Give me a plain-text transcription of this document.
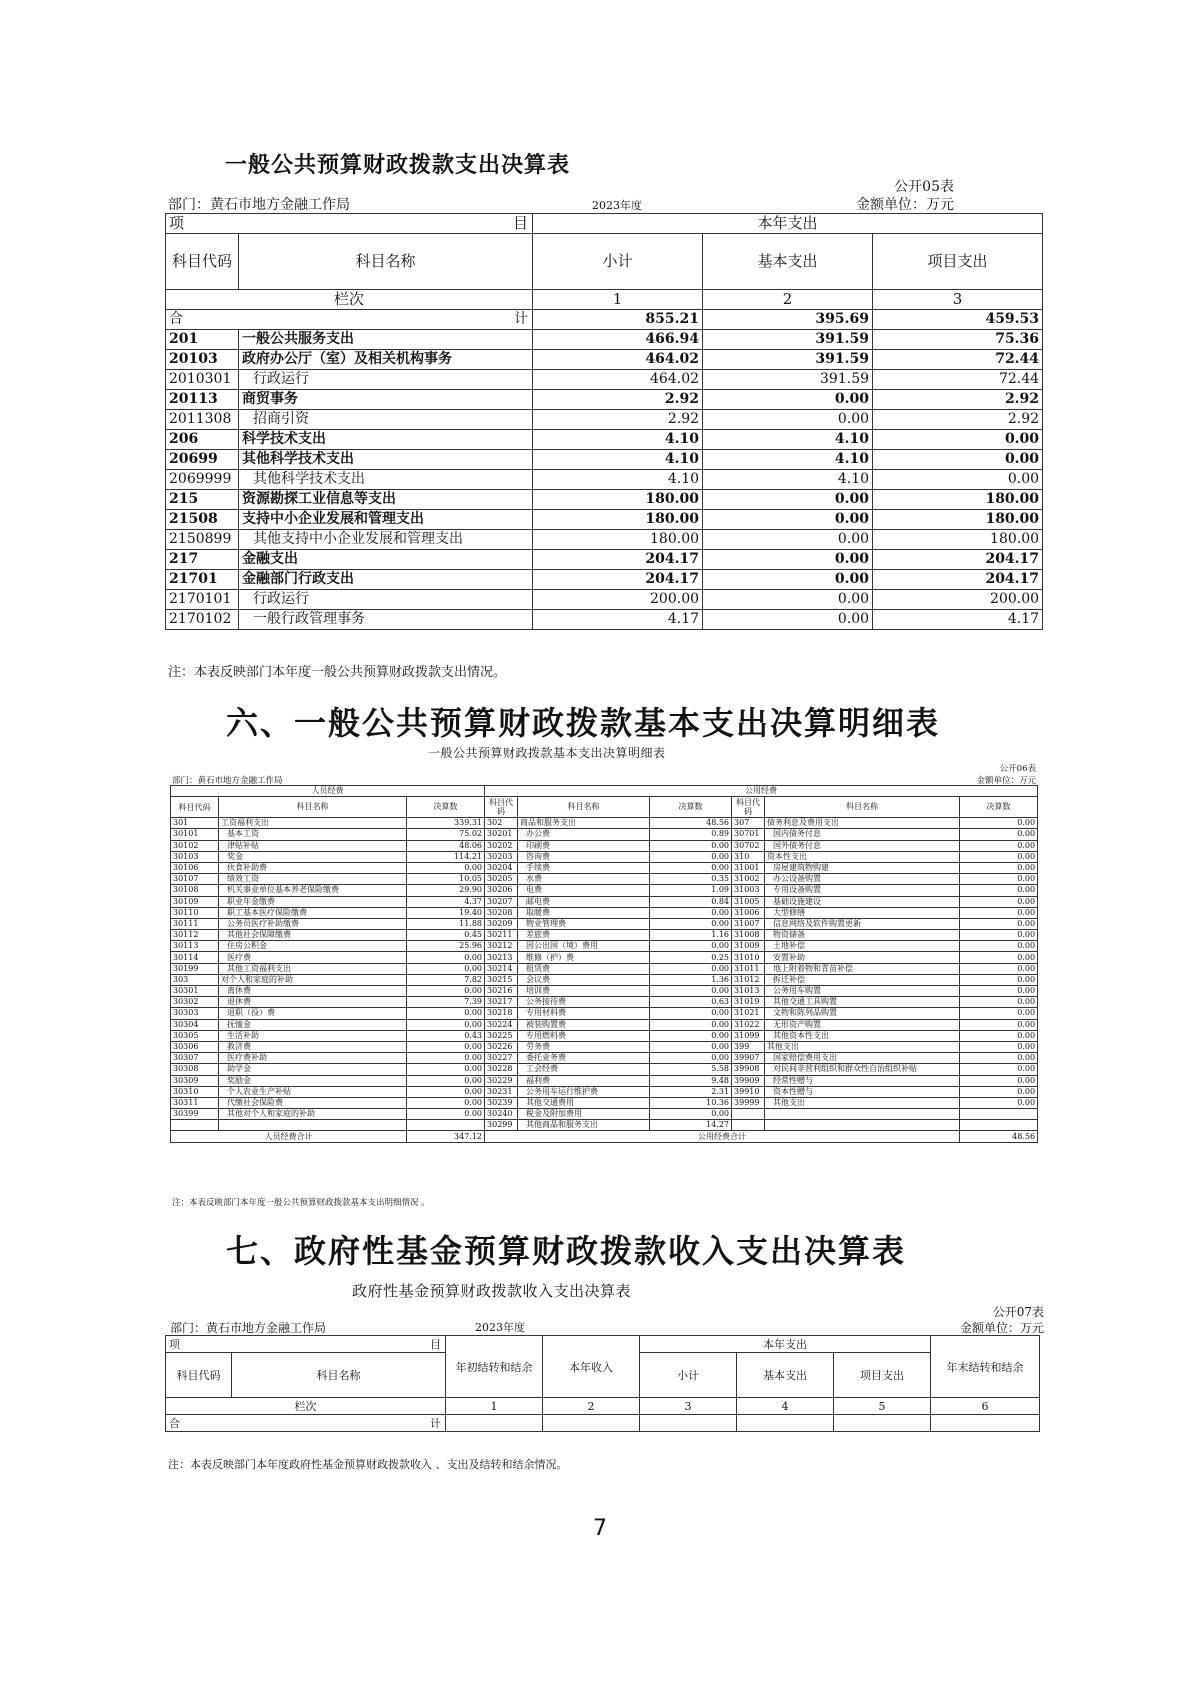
一般公共预算财政拨款支出决算表
公开05表
部门：黄石市地方金融工作局	2023年度	金额单位：万元
项 目		本年支出		
科目代码	科目名称	小计	基本支出	项目支出
栏次		1	2	3
合 计		855.21	395.69	459.53
201	一般公共服务支出	466.94	391.59	75.36
20103	政府办公厅（室）及相关机构事务	464.02	391.59	72.44
2010301	行政运行	464.02	391.59	72.44
20113	商贸事务	2.92	0.00	2.92
2011308	招商引资	2.92	0.00	2.92
206	科学技术支出	4.10	4.10	0.00
20699	其他科学技术支出	4.10	4.10	0.00
2069999	其他科学技术支出	4.10	4.10	0.00
215	资源勘探工业信息等支出	180.00	0.00	180.00
21508	支持中小企业发展和管理支出	180.00	0.00	180.00
2150899	其他支持中小企业发展和管理支出	180.00	0.00	180.00
217	金融支出	204.17	0.00	204.17
21701	金融部门行政支出	204.17	0.00	204.17
2170101	行政运行	200.00	0.00	200.00
2170102	一般行政管理事务	4.17	0.00	4.17
注：本表反映部门本年度一般公共预算财政拨款支出情况。
六、一般公共预算财政拨款基本支出决算明细表
一般公共预算财政拨款基本支出决算明细表
公开06表
部门：黄石市地方金融工作局	金额单位：万元
人员经费			公用经费					
科目代码	科目名称	决算数	科目代码	科目名称	决算数	科目代码	科目名称	决算数
301	工资福利支出	339.31	302	商品和服务支出	48.56	307	债务利息及费用支出	0.00
30101	基本工资	75.02	30201	办公费	0.89	30701	国内债务付息	0.00
30102	津贴补贴	48.06	30202	印刷费	0.00	30702	国外债务付息	0.00
30103	奖金	114.21	30203	咨询费	0.00	310	资本性支出	0.00
30106	伙食补助费	0.00	30204	手续费	0.00	31001	房屋建筑物购建	0.00
30107	绩效工资	10.05	30205	水费	0.35	31002	办公设备购置	0.00
30108	机关事业单位基本养老保险缴费	29.90	30206	电费	1.09	31003	专用设备购置	0.00
30109	职业年金缴费	4.37	30207	邮电费	0.84	31005	基础设施建设	0.00
30110	职工基本医疗保险缴费	19.40	30208	取暖费	0.00	31006	大型修缮	0.00
30111	公务员医疗补助缴费	11.88	30209	物业管理费	0.00	31007	信息网络及软件购置更新	0.00
30112	其他社会保障缴费	0.45	30211	差旅费	1.16	31008	物资储备	0.00
30113	住房公积金	25.96	30212	因公出国（境）费用	0.00	31009	土地补偿	0.00
30114	医疗费	0.00	30213	维修（护）费	0.25	31010	安置补助	0.00
30199	其他工资福利支出	0.00	30214	租赁费	0.00	31011	地上附着物和青苗补偿	0.00
303	对个人和家庭的补助	7.82	30215	会议费	1.36	31012	拆迁补偿	0.00
30301	离休费	0.00	30216	培训费	0.00	31013	公务用车购置	0.00
30302	退休费	7.39	30217	公务接待费	0.63	31019	其他交通工具购置	0.00
30303	退职（役）费	0.00	30218	专用材料费	0.00	31021	文物和陈列品购置	0.00
30304	抚恤金	0.00	30224	被装购置费	0.00	31022	无形资产购置	0.00
30305	生活补助	0.43	30225	专用燃料费	0.00	31099	其他资本性支出	0.00
30306	救济费	0.00	30226	劳务费	0.00	399	其他支出	0.00
30307	医疗费补助	0.00	30227	委托业务费	0.00	39907	国家赔偿费用支出	0.00
30308	助学金	0.00	30228	工会经费	5.58	39908	对民间非营利组织和群众性自治组织补贴	0.00
30309	奖励金	0.00	30229	福利费	9.48	39909	经常性赠与	0.00
30310	个人农业生产补贴	0.00	30231	公务用车运行维护费	2.31	39910	资本性赠与	0.00
30311	代缴社会保险费	0.00	30239	其他交通费用	10.36	39999	其他支出	0.00
30399	其他对个人和家庭的补助	0.00	30240	税金及附加费用	0.00			
			30299	其他商品和服务支出	14.27			
人员经费合计		347.12	公用经费合计					48.56
注：本表反映部门本年度一般公共预算财政拨款基本支出明细情况 。
七、政府性基金预算财政拨款收入支出决算表
政府性基金预算财政拨款收入支出决算表
公开07表
部门：黄石市地方金融工作局	2023年度	金额单位：万元
项 目		年初结转和结余	本年收入	本年支出			年末结转和结余
科目代码	科目名称			小计	基本支出	项目支出	
栏次		1	2	3	4	5	6
合 计							

注：本表反映部门本年度政府性基金预算财政拨款收入 、支出及结转和结余情况。
7
